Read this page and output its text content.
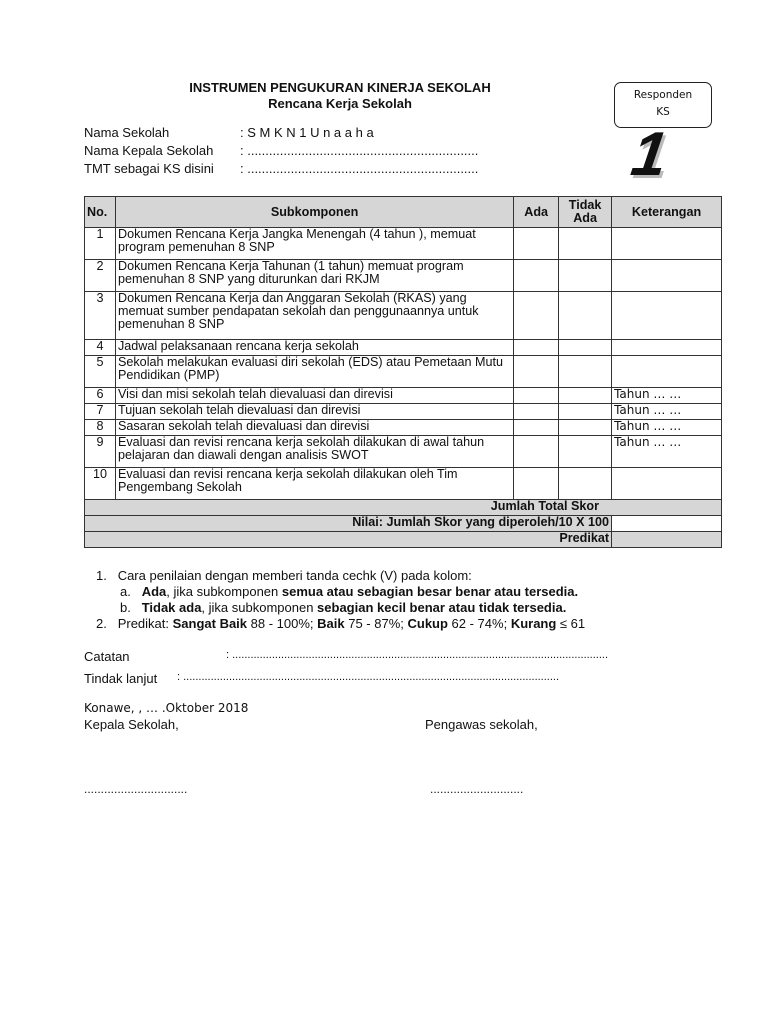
INSTRUMEN PENGUKURAN KINERJA SEKOLAH
Rencana Kerja Sekolah
Responden
KS
1
Nama Sekolah	: S M K N 1 U n a a h a
Nama Kepala Sekolah : ................................................................
TMT sebagai KS disini : ................................................................
No.	Subkomponen	Ada	Tidak Ada	Keterangan
1	Dokumen Rencana Kerja Jangka Menengah (4 tahun ), memuat program pemenuhan 8 SNP			
2	Dokumen Rencana Kerja Tahunan (1 tahun) memuat program pemenuhan 8 SNP yang diturunkan dari RKJM			
3	Dokumen Rencana Kerja dan Anggaran Sekolah (RKAS) yang memuat sumber pendapatan sekolah dan penggunaannya untuk pemenuhan 8 SNP			
4	Jadwal pelaksanaan rencana kerja sekolah			
5	Sekolah melakukan evaluasi diri sekolah (EDS) atau Pemetaan Mutu Pendidikan (PMP)			
6	Visi dan misi sekolah telah dievaluasi dan direvisi			Tahun … …
7	Tujuan sekolah telah dievaluasi dan direvisi			Tahun … …
8	Sasaran sekolah telah dievaluasi dan direvisi			Tahun … …
9	Evaluasi dan revisi rencana kerja sekolah dilakukan di awal tahun pelajaran dan diawali dengan analisis SWOT			Tahun … …
10	Evaluasi dan revisi rencana kerja sekolah dilakukan oleh Tim Pengembang Sekolah			
Jumlah Total Skor				
Nilai: Jumlah Skor yang diperoleh/10 X 100				
Predikat				
1. Cara penilaian dengan memberi tanda cechk (V) pada kolom:
a. Ada, jika subkomponen semua atau sebagian besar benar atau tersedia.
b. Tidak ada, jika subkomponen sebagian kecil benar atau tidak tersedia.
2. Predikat: Sangat Baik 88 - 100%; Baik 75 - 87%; Cukup 62 - 74%; Kurang ≤ 61
Catatan	: ...........................................................................................................................
Tindak lanjut : ...........................................................................................................................
Konawe, , … .Oktober 2018
Kepala Sekolah,	Pengawas sekolah,
...............................	............................
